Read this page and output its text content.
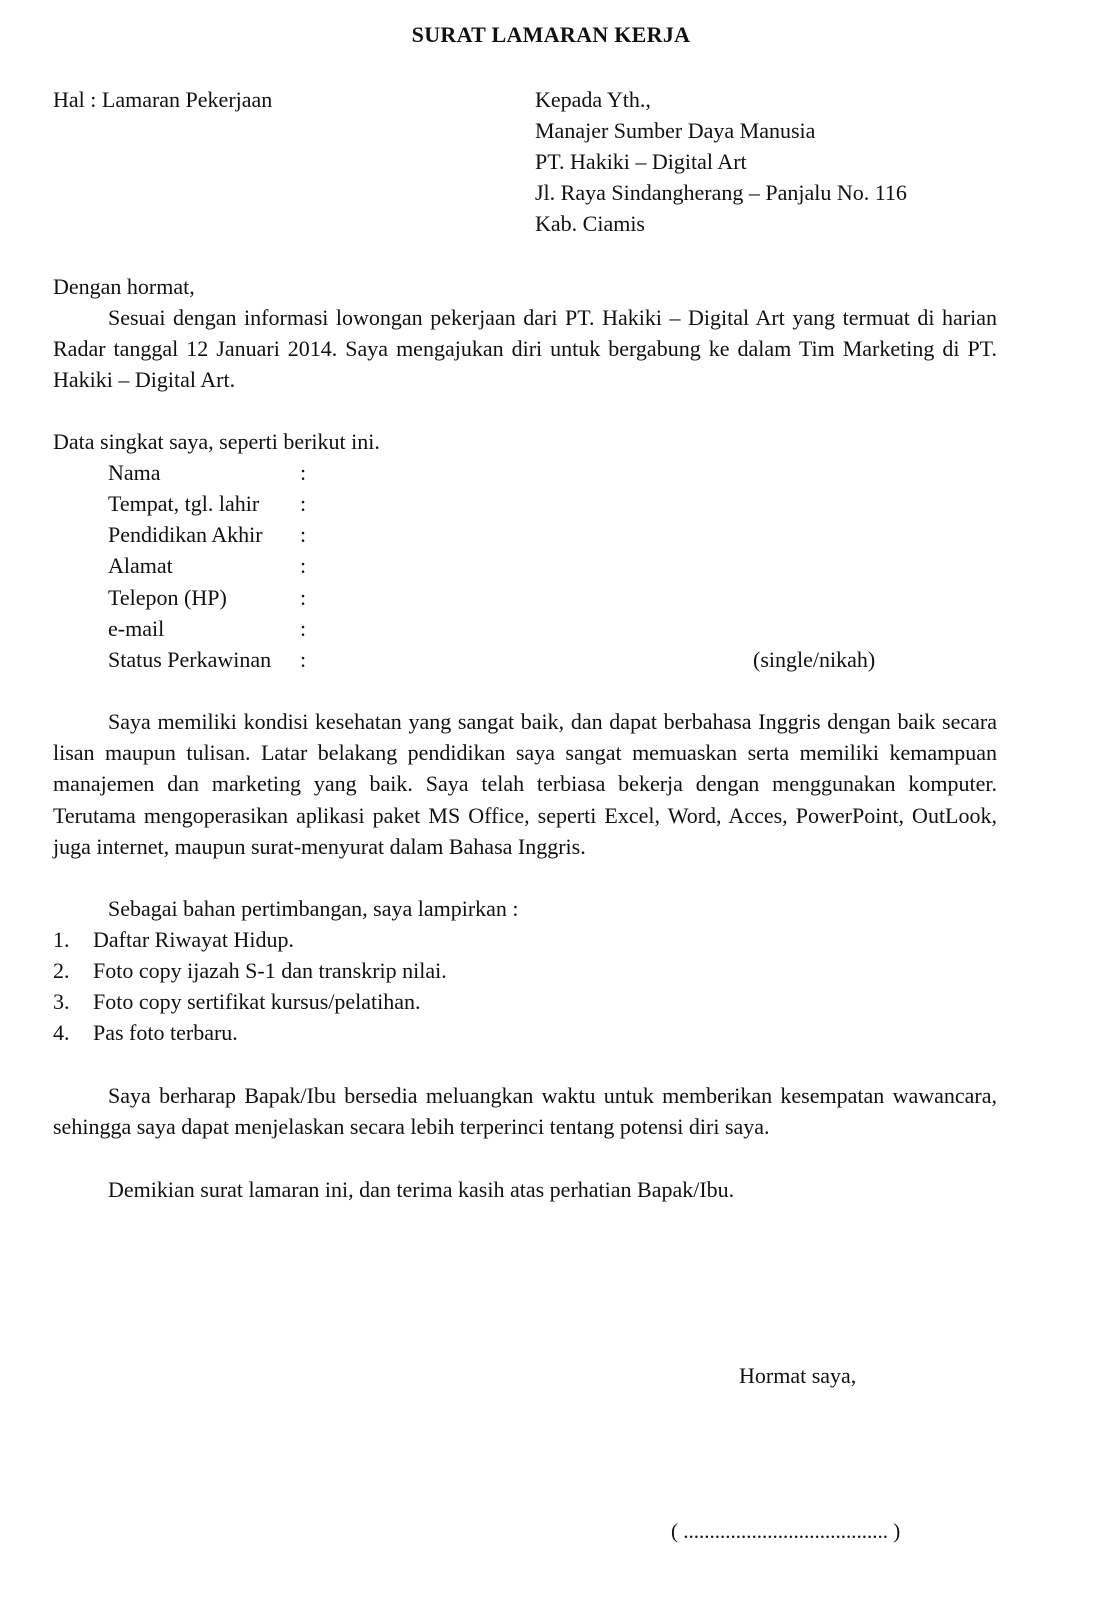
SURAT LAMARAN KERJA

Hal : Lamaran Pekerjaan	Kepada Yth.,

Manajer Sumber Daya Manusia

PT. Hakiki – Digital Art

Jl. Raya Sindangherang – Panjalu No. 116

Kab. Ciamis

Dengan hormat,

Sesuai dengan informasi lowongan pekerjaan dari PT. Hakiki – Digital Art yang termuat di harian Radar tanggal 12 Januari 2014. Saya mengajukan diri untuk bergabung ke dalam Tim Marketing di PT. Hakiki – Digital Art.

Data singkat saya, seperti berikut ini.

Nama	:
Tempat, tgl. lahir :
Pendidikan Akhir :
Alamat	:
Telepon (HP)	:
e-mail	:
Status Perkawinan :	(single/nikah)

Saya memiliki kondisi kesehatan yang sangat baik, dan dapat berbahasa Inggris dengan baik secara lisan maupun tulisan. Latar belakang pendidikan saya sangat memuaskan serta memiliki kemampuan manajemen dan marketing yang baik. Saya telah terbiasa bekerja dengan menggunakan komputer. Terutama mengoperasikan aplikasi paket MS Office, seperti Excel, Word, Acces, PowerPoint, OutLook, juga internet, maupun surat-menyurat dalam Bahasa Inggris.

Sebagai bahan pertimbangan, saya lampirkan :

1. Daftar Riwayat Hidup.
2. Foto copy ijazah S-1 dan transkrip nilai.
3. Foto copy sertifikat kursus/pelatihan.
4. Pas foto terbaru.

Saya berharap Bapak/Ibu bersedia meluangkan waktu untuk memberikan kesempatan wawancara, sehingga saya dapat menjelaskan secara lebih terperinci tentang potensi diri saya.

Demikian surat lamaran ini, dan terima kasih atas perhatian Bapak/Ibu.

Hormat saya,

( ....................................... )
